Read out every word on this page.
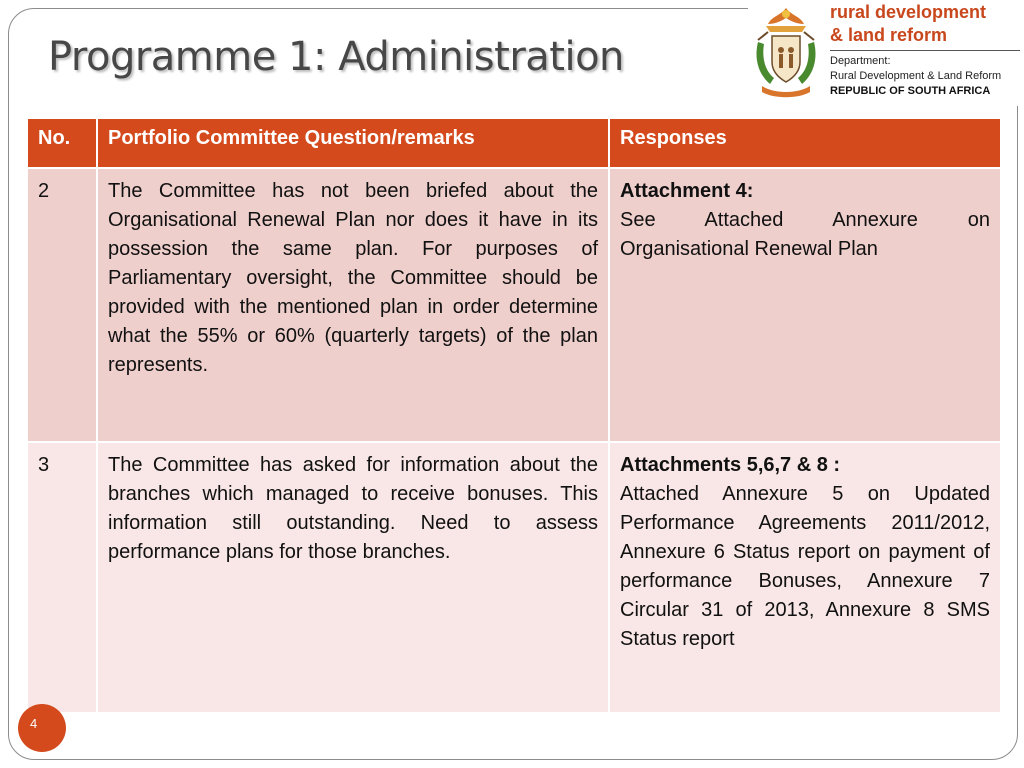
Programme 1: Administration
rural development
& land reform
Department:
Rural Development & Land Reform
REPUBLIC OF SOUTH AFRICA
No.	Portfolio Committee Question/remarks	Responses
2	The Committee has not been briefed about the Organisational Renewal Plan nor does it have in its possession the same plan. For purposes of Parliamentary oversight, the Committee should be provided with the mentioned plan in order determine what the 55% or 60% (quarterly targets) of the plan represents.	Attachment 4:
See Attached Annexure on Organisational Renewal Plan
3	The Committee has asked for information about the branches which managed to receive bonuses. This information still outstanding. Need to assess performance plans for those branches.	Attachments 5,6,7 & 8 :
Attached Annexure 5 on Updated Performance Agreements 2011/2012, Annexure 6 Status report on payment of performance Bonuses, Annexure 7 Circular 31 of 2013, Annexure 8 SMS Status report
4
